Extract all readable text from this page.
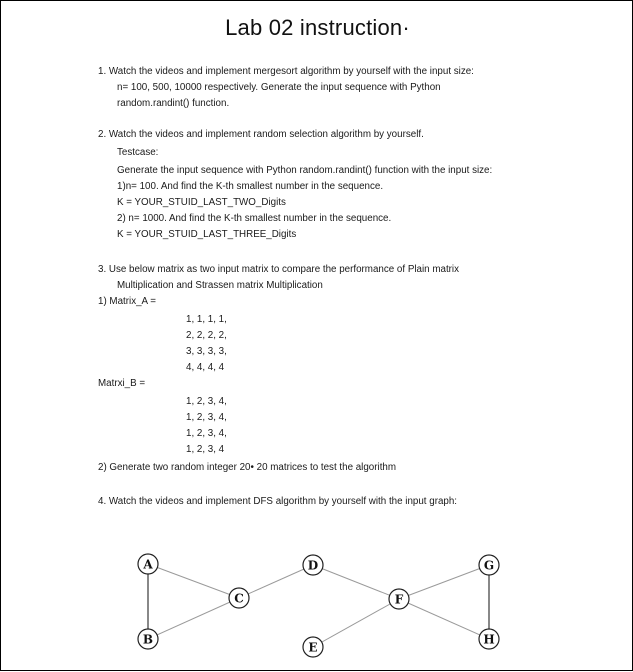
Lab 02 instruction·
1. Watch the videos and implement mergesort algorithm by yourself with the input size:
n= 100, 500, 10000 respectively. Generate the input sequence with Python
random.randint() function.
2. Watch the videos and implement random selection algorithm by yourself.
Testcase:
Generate the input sequence with Python random.randint() function with the input size:
1)n= 100. And find the K-th smallest number in the sequence.
K = YOUR_STUID_LAST_TWO_Digits
2) n= 1000. And find the K-th smallest number in the sequence.
K = YOUR_STUID_LAST_THREE_Digits
3. Use below matrix as two input matrix to compare the performance of Plain matrix
Multiplication and Strassen matrix Multiplication
1) Matrix_A =
1, 1, 1, 1,
2, 2, 2, 2,
3, 3, 3, 3,
4, 4, 4, 4
Matrxi_B =
1, 2, 3, 4,
1, 2, 3, 4,
1, 2, 3, 4,
1, 2, 3, 4
2) Generate two random integer 20• 20 matrices to test the algorithm
4. Watch the videos and implement DFS algorithm by yourself with the input graph:
A
B
C
D
E
F
G
H
